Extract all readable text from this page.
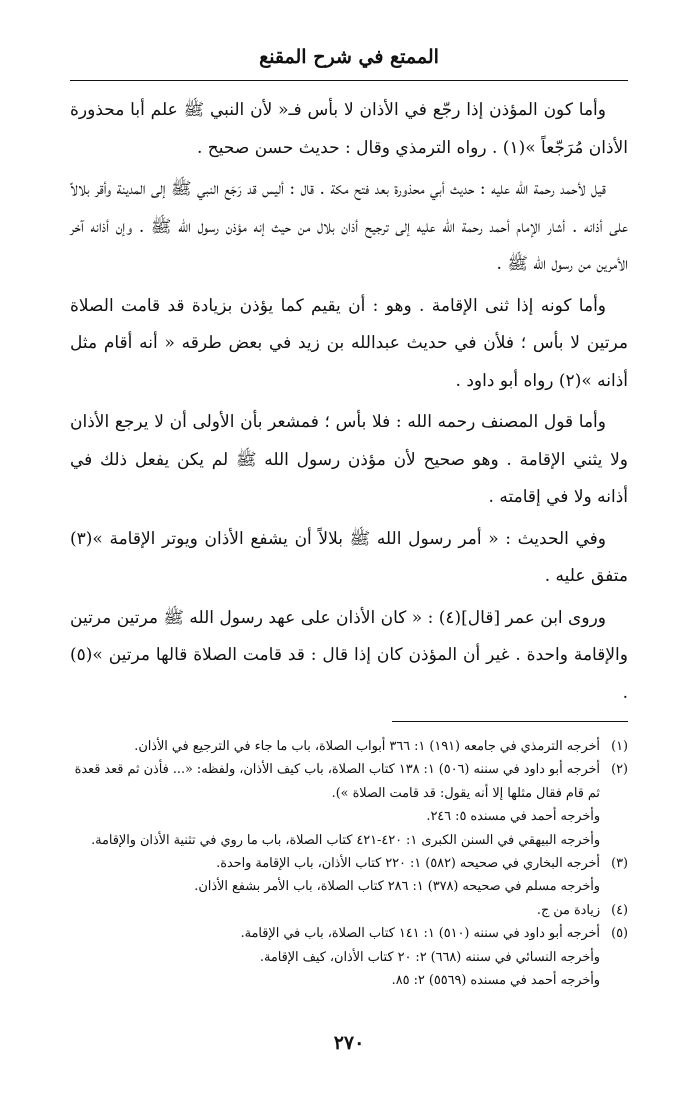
الممتع في شرح المقنع

وأما كون المؤذن إذا رجّع في الأذان لا بأس فـ« لأن النبي ﷺ علم أبا محذورة الأذان مُرَجّعاً »(١) . رواه الترمذي وقال : حديث حسن صحيح .

قيل لأحمد رحمة الله عليه : حديث أبي محذورة بعد فتح مكة . قال : أليس قد رَجَع النبي ﷺ إلى المدينة وأقر بلالاً على أذانه . أشار الإمام أحمد رحمة الله عليه إلى ترجيح أذان بلال من حيث إنه مؤذن رسول الله ﷺ . وإن أذانه آخر الأمرين من رسول الله ﷺ .

وأما كونه إذا ثنى الإقامة . وهو : أن يقيم كما يؤذن بزيادة قد قامت الصلاة مرتين لا بأس ؛ فلأن في حديث عبدالله بن زيد في بعض طرقه « أنه أقام مثل أذانه »(٢) رواه أبو داود .

وأما قول المصنف رحمه الله : فلا بأس ؛ فمشعر بأن الأولى أن لا يرجع الأذان ولا يثني الإقامة . وهو صحيح لأن مؤذن رسول الله ﷺ لم يكن يفعل ذلك في أذانه ولا في إقامته .

وفي الحديث : « أمر رسول الله ﷺ بلالاً أن يشفع الأذان ويوتر الإقامة »(٣) متفق عليه .

وروى ابن عمر [قال](٤) : « كان الأذان على عهد رسول الله ﷺ مرتين مرتين والإقامة واحدة . غير أن المؤذن كان إذا قال : قد قامت الصلاة قالها مرتين »(٥) .

(١)
أخرجه الترمذي في جامعه (١٩١) ١: ٣٦٦ أبواب الصلاة، باب ما جاء في الترجيع في الأذان.
(٢)
أخرجه أبو داود في سننه (٥٠٦) ١: ١٣٨ كتاب الصلاة، باب كيف الأذان، ولفظه: «... فأذن ثم قعد قعدة
ثم قام فقال مثلها إلا أنه يقول: قد قامت الصلاة »).
وأخرجه أحمد في مسنده ٥: ٢٤٦.
وأخرجه البيهقي في السنن الكبرى ١: ٤٢٠-٤٢١ كتاب الصلاة، باب ما روي في تثنية الأذان والإقامة.
(٣)
أخرجه البخاري في صحيحه (٥٨٢) ١: ٢٢٠ كتاب الأذان، باب الإقامة واحدة.
وأخرجه مسلم في صحيحه (٣٧٨) ١: ٢٨٦ كتاب الصلاة، باب الأمر بشفع الأذان.
(٤)
زيادة من ج.
(٥)
أخرجه أبو داود في سننه (٥١٠) ١: ١٤١ كتاب الصلاة، باب في الإقامة.
وأخرجه النسائي في سننه (٦٦٨) ٢: ٢٠ كتاب الأذان، كيف الإقامة.
وأخرجه أحمد في مسنده (٥٥٦٩) ٢: ٨٥.
٢٧٠
